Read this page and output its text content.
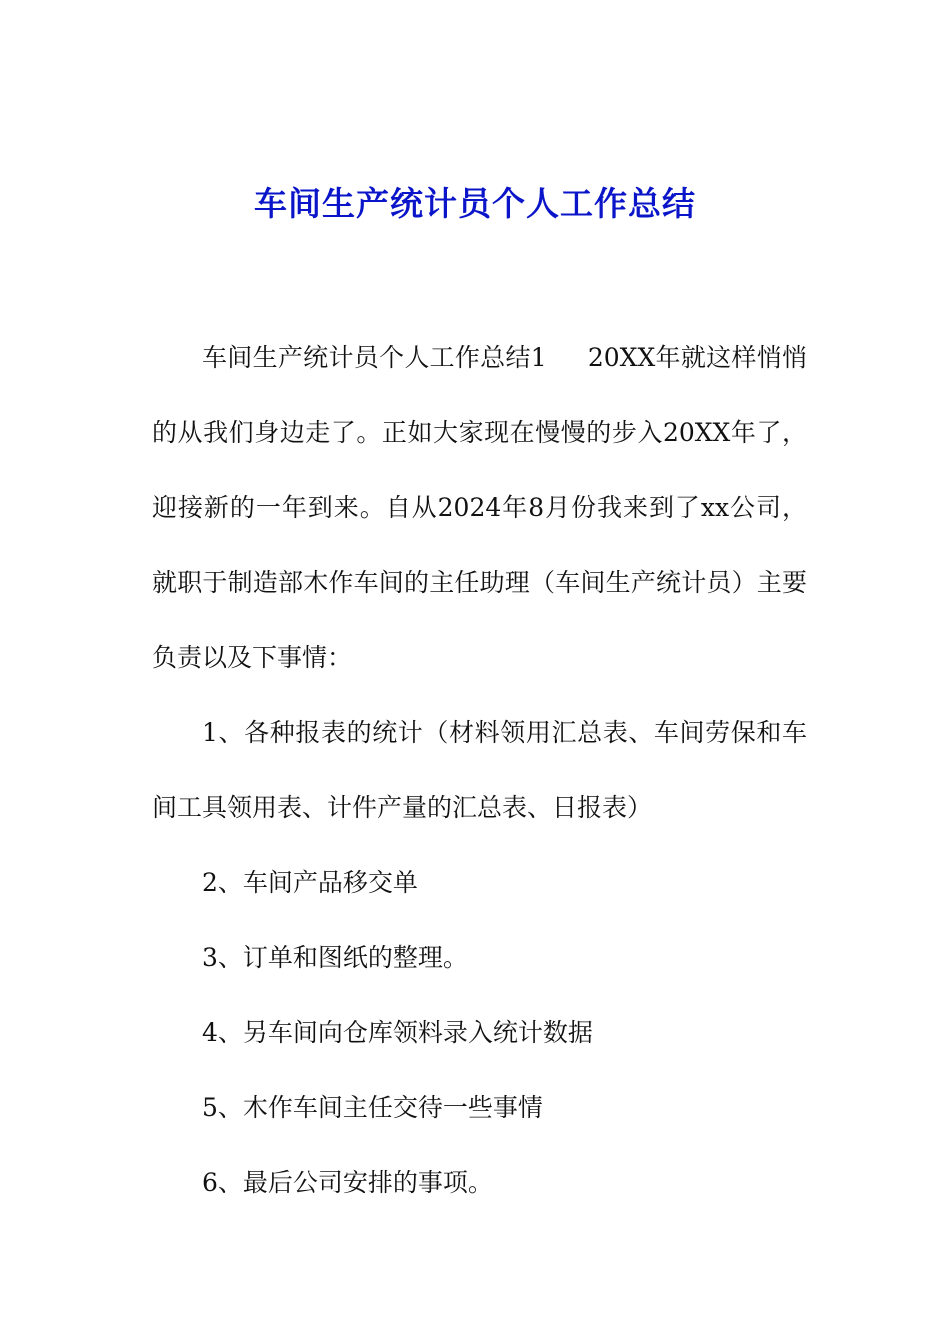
车间生产统计员个人工作总结

车间生产统计员个人工作总结1     20XX年就这样悄悄的从我们身边走了。正如大家现在慢慢的步入20XX年了，迎接新的一年到来。自从2024年8月份我来到了xx公司，就职于制造部木作车间的主任助理（车间生产统计员）主要负责以及下事情：

1、各种报表的统计（材料领用汇总表、车间劳保和车间工具领用表、计件产量的汇总表、日报表）

2、车间产品移交单

3、订单和图纸的整理。

4、另车间向仓库领料录入统计数据

5、木作车间主任交待一些事情

6、最后公司安排的事项。
